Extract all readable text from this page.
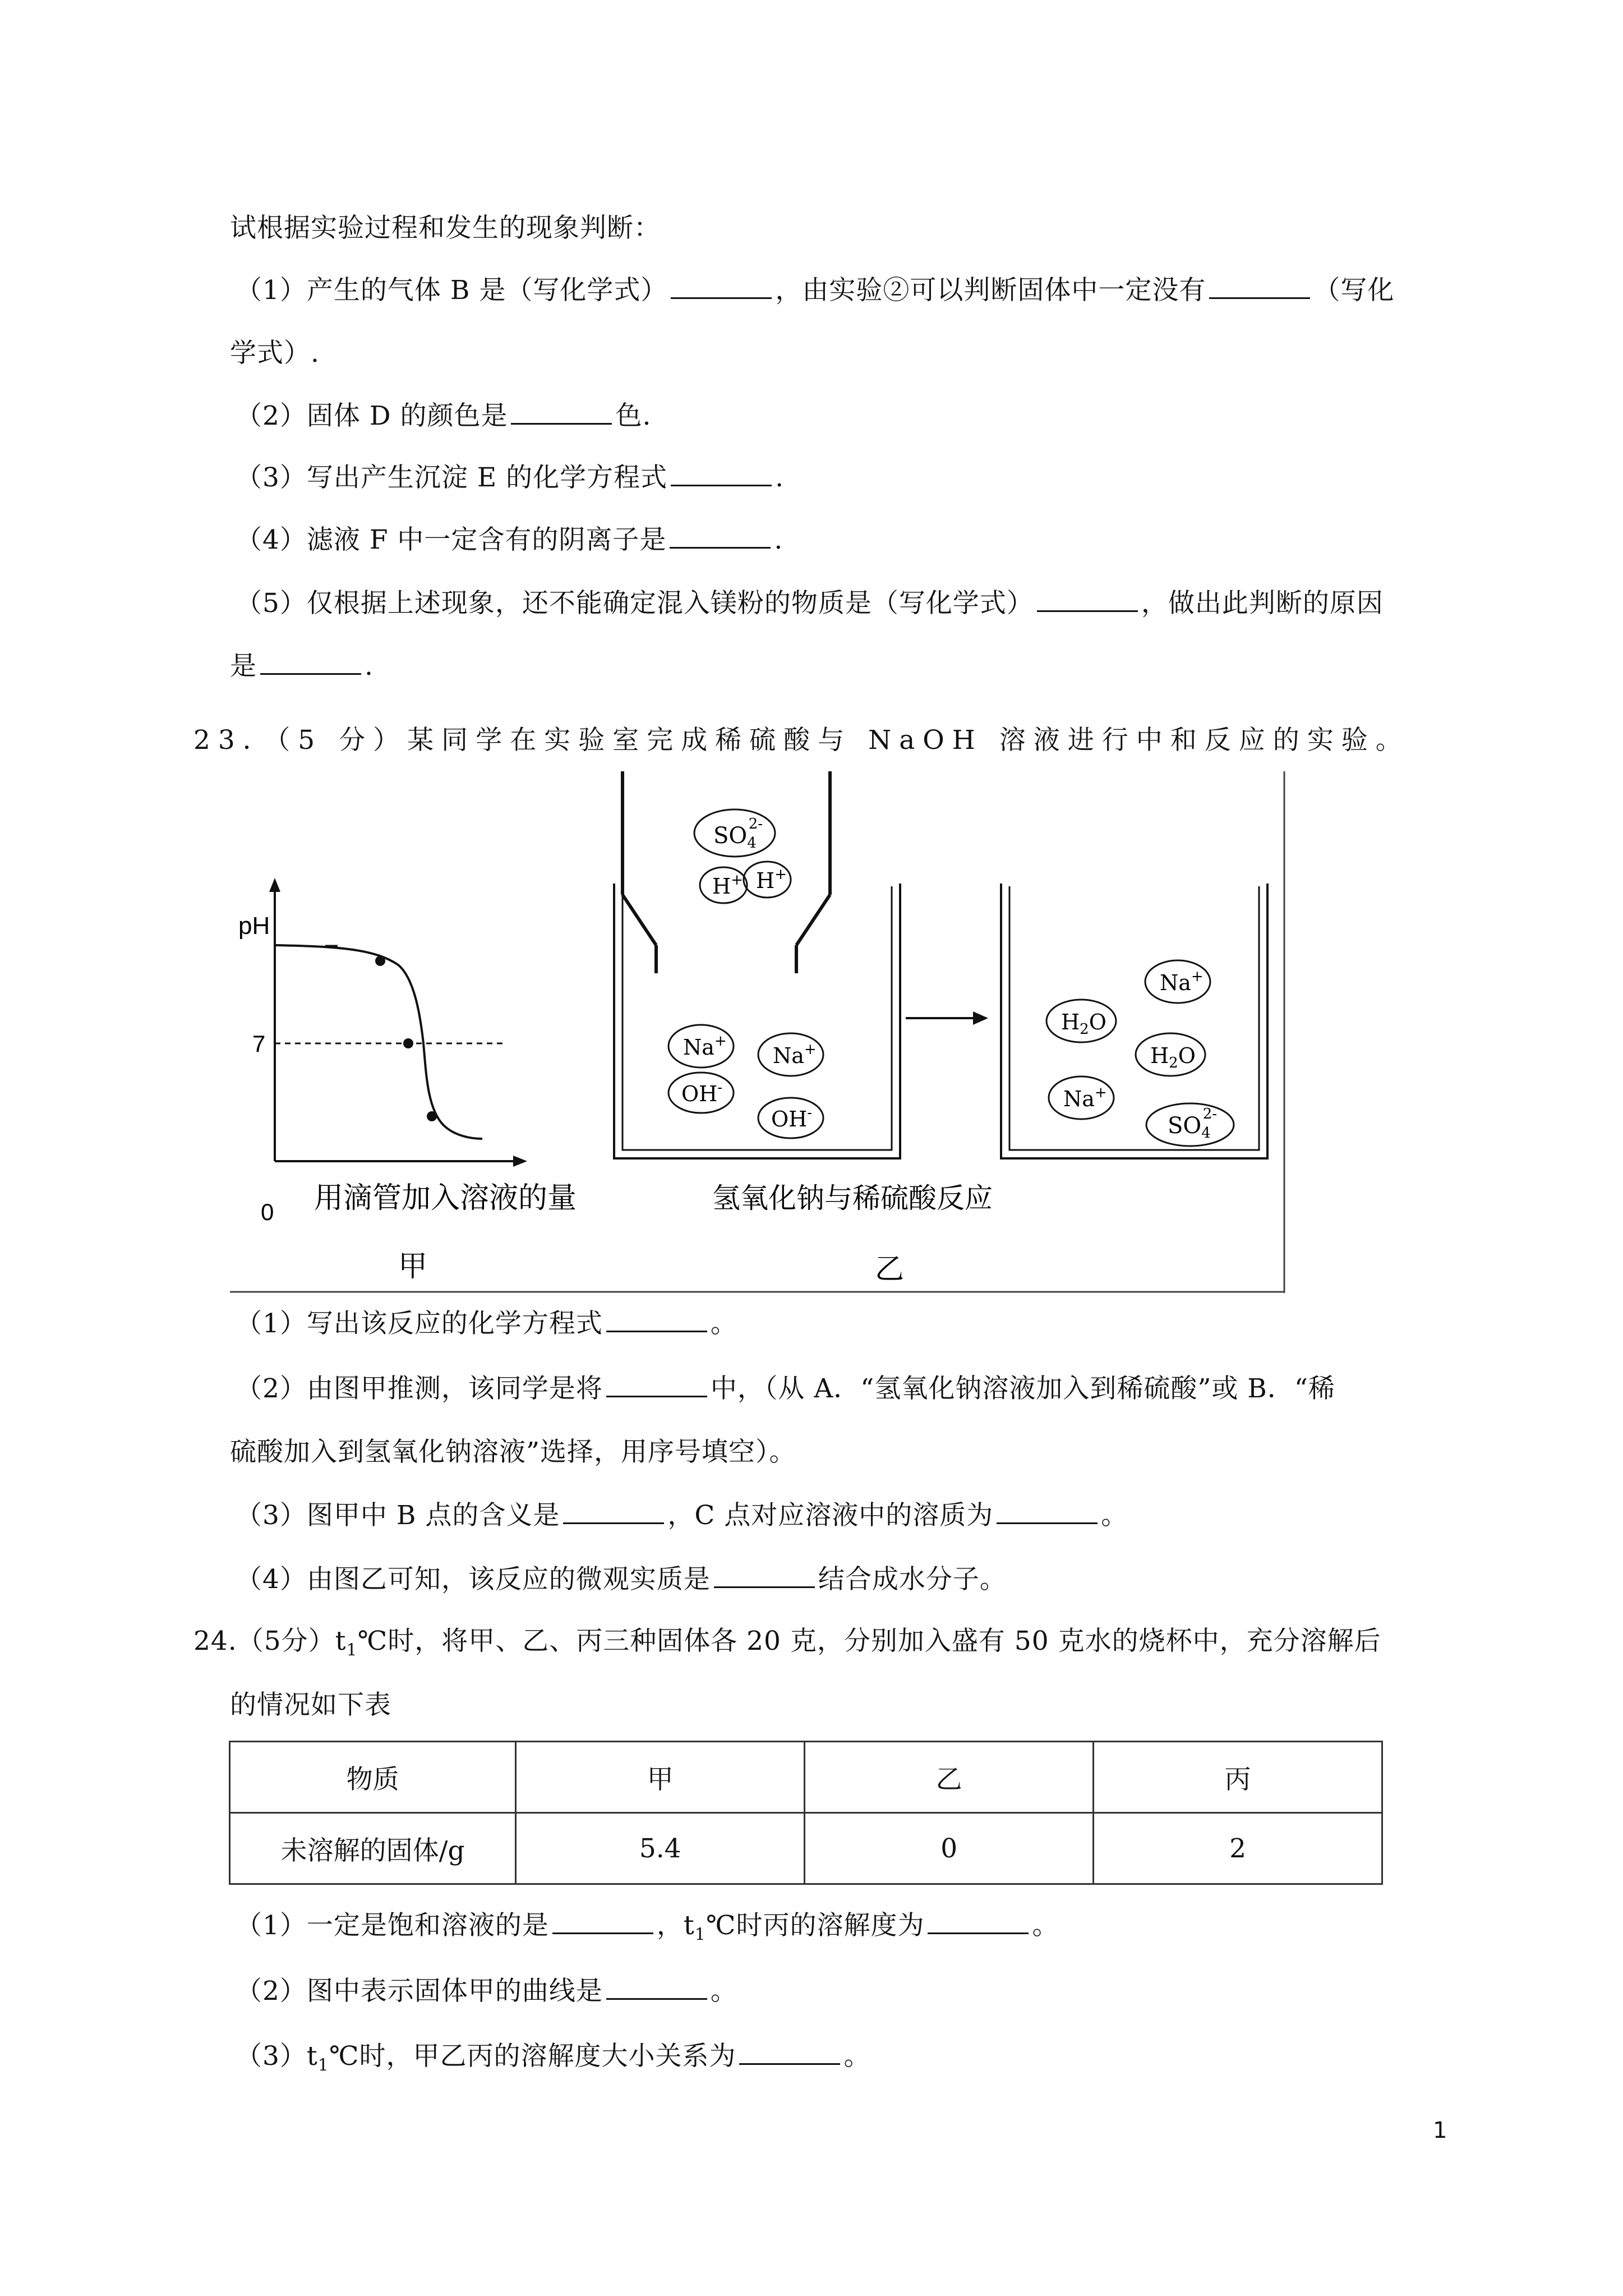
试根据实验过程和发生的现象判断：
（1）产生的气体 B 是（写化学式）	，由实验②可以判断固体中一定没有	（写化
学式）.
（2）固体 D 的颜色是	色.
（3）写出产生沉淀 E 的化学方程式	.
（4）滤液 F 中一定含有的阴离子是	.
（5）仅根据上述现象，还不能确定混入镁粉的物质是（写化学式）	，做出此判断的原因
是	.
23．（5 分）某同学在实验室完成稀硫酸与 NaOH 溶液进行中和反应的实验。
pH
7
0 用滴管加入溶液的量
甲
$SO_42-$
H+ H+
Na+
Na+
OH-
OH-
氢氧化钠与稀硫酸反应
乙
Na+
$H_2O$
$H_2O$
Na+
$SO_42-$
（1）写出该反应的化学方程式	。
（2）由图甲推测，该同学是将	中，（从 A．“氢氧化钠溶液加入到稀硫酸”或 B．“稀
硫酸加入到氢氧化钠溶液”选择，用序号填空）。
（3）图甲中 B 点的含义是	，C 点对应溶液中的溶质为	。
（4）由图乙可知，该反应的微观实质是	结合成水分子。
24.（5分）$t_1℃$时，将甲、乙、丙三种固体各 20 克，分别加入盛有 50 克水的烧杯中，充分溶解后
的情况如下表
物质	甲	乙	丙
未溶解的固体/g	5.4	0	2
（1）一定是饱和溶液的是	，$t_1℃$时丙的溶解度为	。
（2）图中表示固体甲的曲线是	。
$(3)t_1℃$时，甲乙丙的溶解度大小关系为	。
1
